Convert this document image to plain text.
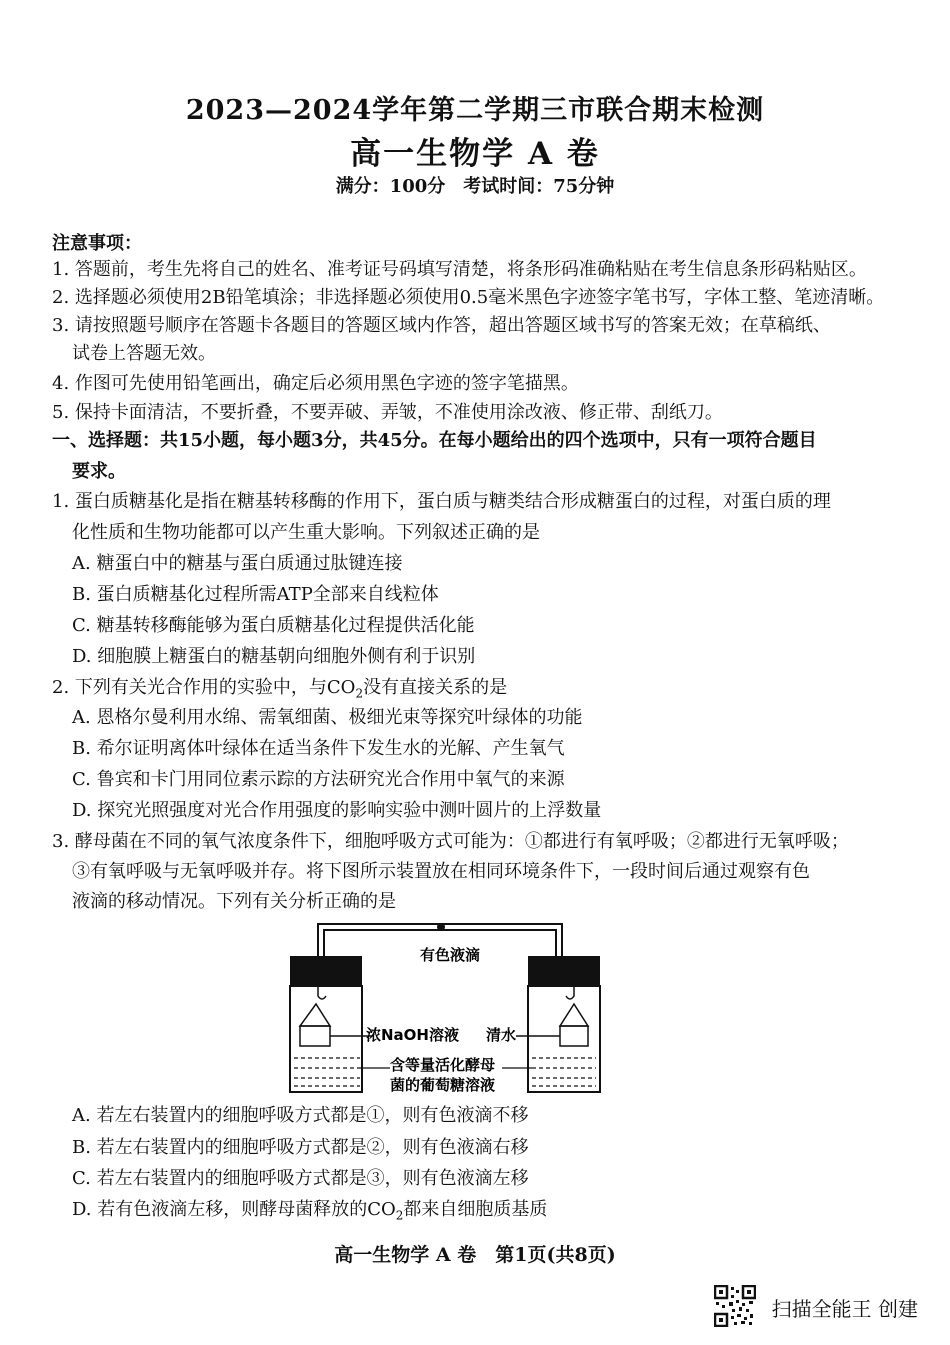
2023—2024学年第二学期三市联合期末检测
高一生物学 A 卷
满分：100分　考试时间：75分钟
注意事项：
1. 答题前，考生先将自己的姓名、准考证号码填写清楚，将条形码准确粘贴在考生信息条形码粘贴区。
2. 选择题必须使用2B铅笔填涂；非选择题必须使用0.5毫米黑色字迹签字笔书写，字体工整、笔迹清晰。
3. 请按照题号顺序在答题卡各题目的答题区域内作答，超出答题区域书写的答案无效；在草稿纸、
试卷上答题无效。
4. 作图可先使用铅笔画出，确定后必须用黑色字迹的签字笔描黑。
5. 保持卡面清洁，不要折叠，不要弄破、弄皱，不准使用涂改液、修正带、刮纸刀。
一、选择题：共15小题，每小题3分，共45分。在每小题给出的四个选项中，只有一项符合题目
要求。
1. 蛋白质糖基化是指在糖基转移酶的作用下，蛋白质与糖类结合形成糖蛋白的过程，对蛋白质的理
化性质和生物功能都可以产生重大影响。下列叙述正确的是
A. 糖蛋白中的糖基与蛋白质通过肽键连接
B. 蛋白质糖基化过程所需ATP全部来自线粒体
C. 糖基转移酶能够为蛋白质糖基化过程提供活化能
D. 细胞膜上糖蛋白的糖基朝向细胞外侧有利于识别
2. 下列有关光合作用的实验中，与$CO_2$没有直接关系的是
A. 恩格尔曼利用水绵、需氧细菌、极细光束等探究叶绿体的功能
B. 希尔证明离体叶绿体在适当条件下发生水的光解、产生氧气
C. 鲁宾和卡门用同位素示踪的方法研究光合作用中氧气的来源
D. 探究光照强度对光合作用强度的影响实验中测叶圆片的上浮数量
3. 酵母菌在不同的氧气浓度条件下，细胞呼吸方式可能为：①都进行有氧呼吸；②都进行无氧呼吸；
③有氧呼吸与无氧呼吸并存。将下图所示装置放在相同环境条件下，一段时间后通过观察有色
液滴的移动情况。下列有关分析正确的是
有色液滴
浓NaOH溶液 清水
含等量活化酵母
菌的葡萄糖溶液
A. 若左右装置内的细胞呼吸方式都是①，则有色液滴不移
B. 若左右装置内的细胞呼吸方式都是②，则有色液滴右移
C. 若左右装置内的细胞呼吸方式都是③，则有色液滴左移
D. 若有色液滴左移，则酵母菌释放的$CO_2$都来自细胞质基质
高一生物学 A 卷　第1页(共8页)
扫描全能王 创建
